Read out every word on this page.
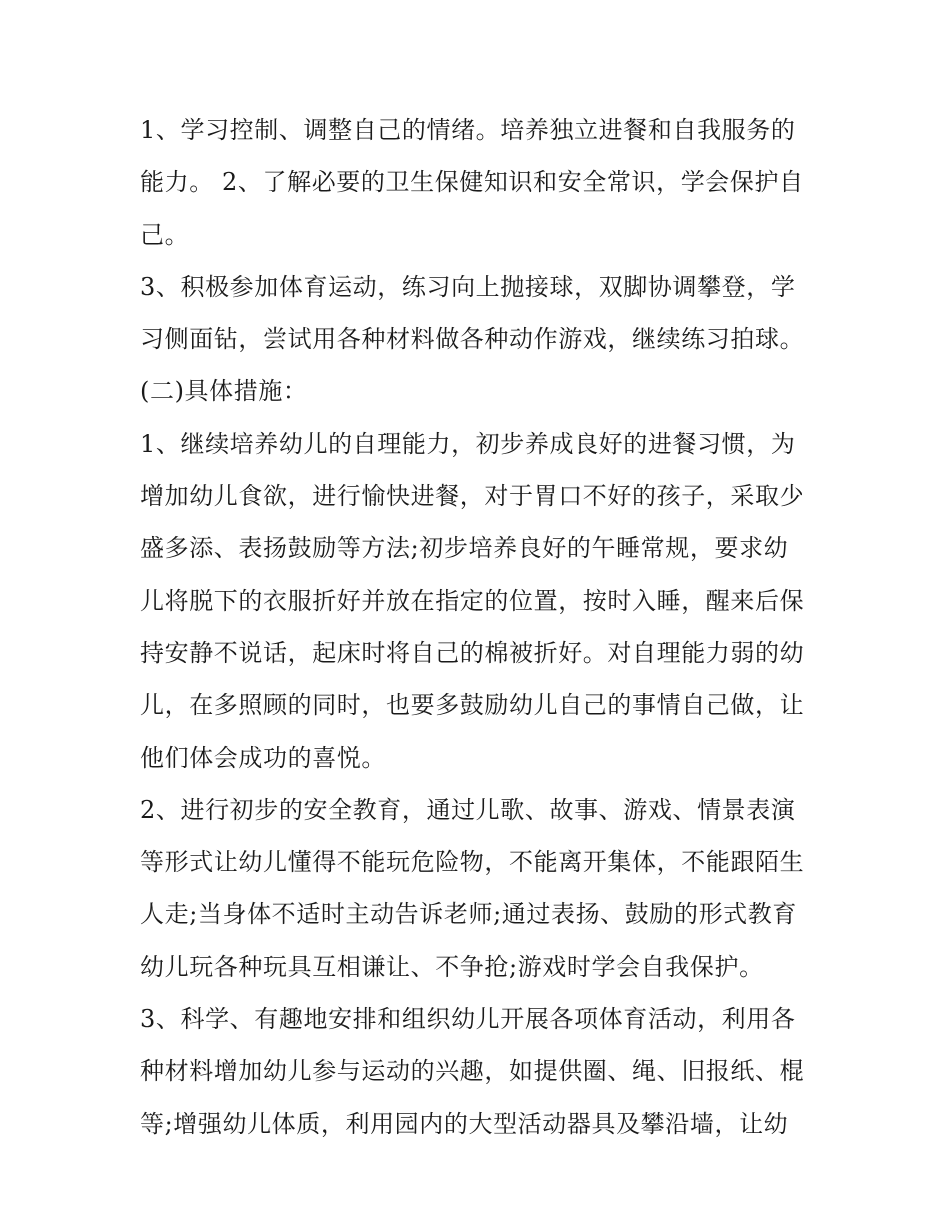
1、学习控制、调整自己的情绪。培养独立进餐和自我服务的
能力。 2、了解必要的卫生保健知识和安全常识，学会保护自
己。
3、积极参加体育运动，练习向上抛接球，双脚协调攀登，学
习侧面钻，尝试用各种材料做各种动作游戏，继续练习拍球。
(二)具体措施：
1、继续培养幼儿的自理能力，初步养成良好的进餐习惯，为
增加幼儿食欲，进行愉快进餐，对于胃口不好的孩子，采取少
盛多添、表扬鼓励等方法;初步培养良好的午睡常规，要求幼
儿将脱下的衣服折好并放在指定的位置，按时入睡，醒来后保
持安静不说话，起床时将自己的棉被折好。对自理能力弱的幼
儿，在多照顾的同时，也要多鼓励幼儿自己的事情自己做，让
他们体会成功的喜悦。
2、进行初步的安全教育，通过儿歌、故事、游戏、情景表演
等形式让幼儿懂得不能玩危险物，不能离开集体，不能跟陌生
人走;当身体不适时主动告诉老师;通过表扬、鼓励的形式教育
幼儿玩各种玩具互相谦让、不争抢;游戏时学会自我保护。
3、科学、有趣地安排和组织幼儿开展各项体育活动，利用各
种材料增加幼儿参与运动的兴趣，如提供圈、绳、旧报纸、棍
等;增强幼儿体质，利用园内的大型活动器具及攀沿墙，让幼
